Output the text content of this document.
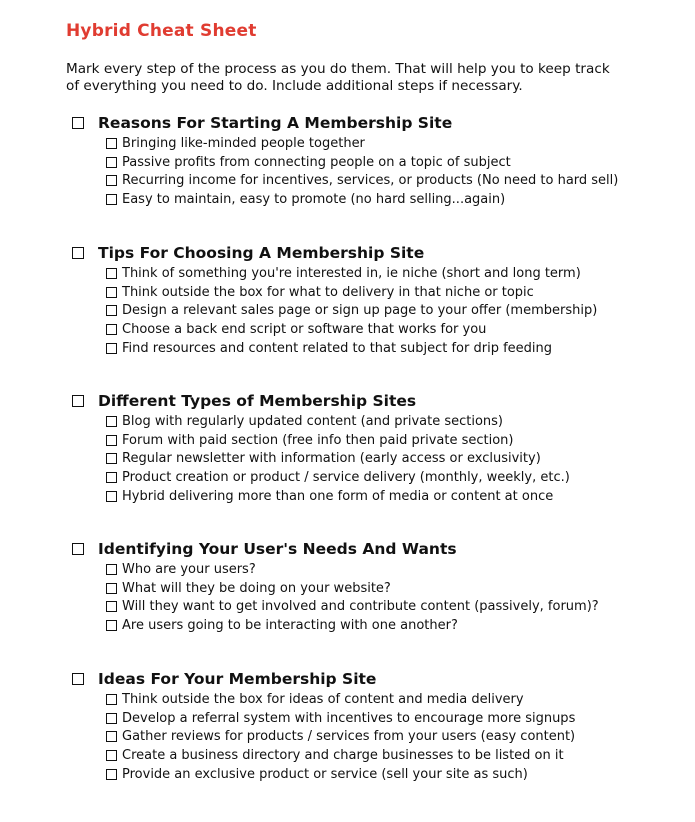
Hybrid Cheat Sheet
Mark every step of the process as you do them. That will help you to keep track
of everything you need to do. Include additional steps if necessary.
Reasons For Starting A Membership Site
Bringing like-minded people together
Passive profits from connecting people on a topic of subject
Recurring income for incentives, services, or products (No need to hard sell)
Easy to maintain, easy to promote (no hard selling...again)
Tips For Choosing A Membership Site
Think of something you're interested in, ie niche (short and long term)
Think outside the box for what to delivery in that niche or topic
Design a relevant sales page or sign up page to your offer (membership)
Choose a back end script or software that works for you
Find resources and content related to that subject for drip feeding
Different Types of Membership Sites
Blog with regularly updated content (and private sections)
Forum with paid section (free info then paid private section)
Regular newsletter with information (early access or exclusivity)
Product creation or product / service delivery (monthly, weekly, etc.)
Hybrid delivering more than one form of media or content at once
Identifying Your User's Needs And Wants
Who are your users?
What will they be doing on your website?
Will they want to get involved and contribute content (passively, forum)?
Are users going to be interacting with one another?
Ideas For Your Membership Site
Think outside the box for ideas of content and media delivery
Develop a referral system with incentives to encourage more signups
Gather reviews for products / services from your users (easy content)
Create a business directory and charge businesses to be listed on it
Provide an exclusive product or service (sell your site as such)
